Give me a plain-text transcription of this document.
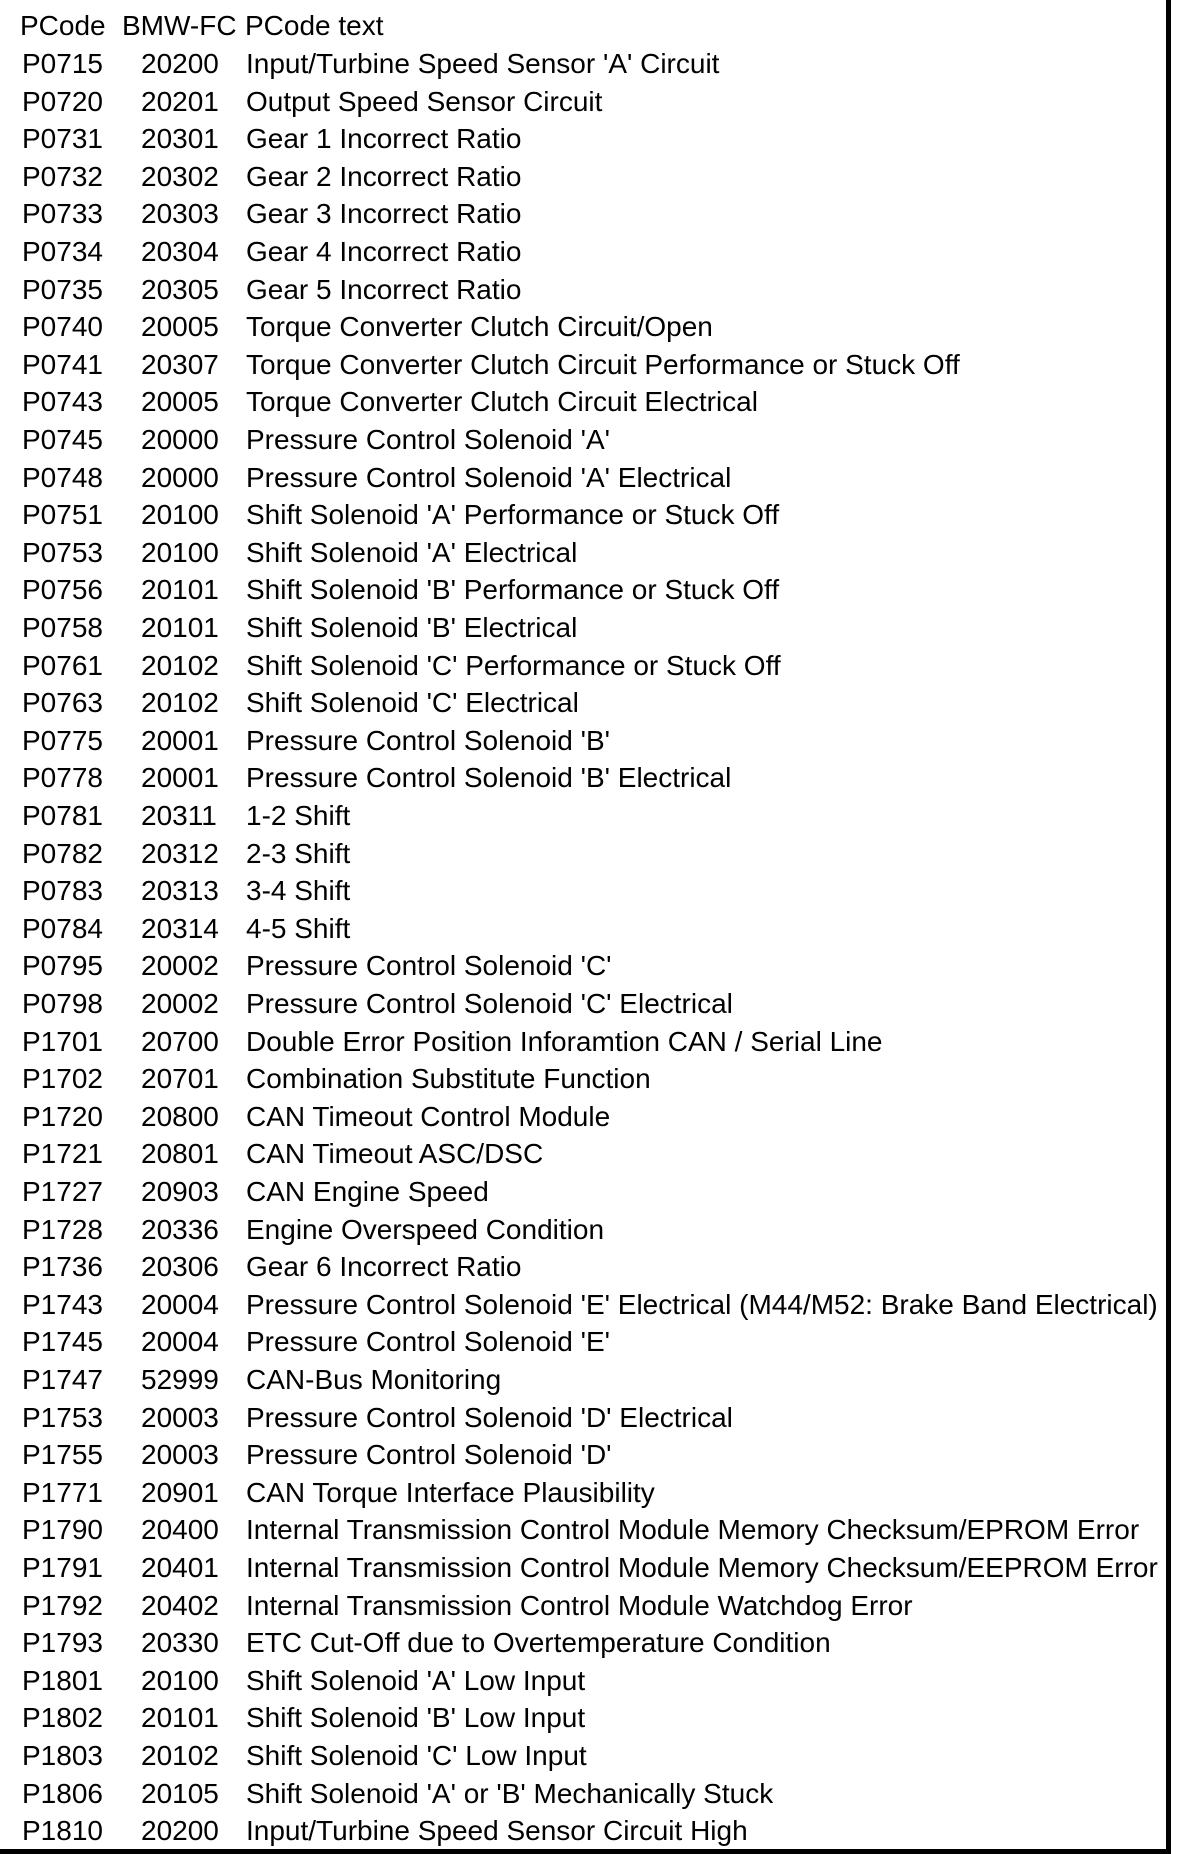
PCode BMW-FC PCode text
P0715 20200 Input/Turbine Speed Sensor 'A' Circuit
P0720 20201 Output Speed Sensor Circuit
P0731 20301 Gear 1 Incorrect Ratio
P0732 20302 Gear 2 Incorrect Ratio
P0733 20303 Gear 3 Incorrect Ratio
P0734 20304 Gear 4 Incorrect Ratio
P0735 20305 Gear 5 Incorrect Ratio
P0740 20005 Torque Converter Clutch Circuit/Open
P0741 20307 Torque Converter Clutch Circuit Performance or Stuck Off
P0743 20005 Torque Converter Clutch Circuit Electrical
P0745 20000 Pressure Control Solenoid 'A'
P0748 20000 Pressure Control Solenoid 'A' Electrical
P0751 20100 Shift Solenoid 'A' Performance or Stuck Off
P0753 20100 Shift Solenoid 'A' Electrical
P0756 20101 Shift Solenoid 'B' Performance or Stuck Off
P0758 20101 Shift Solenoid 'B' Electrical
P0761 20102 Shift Solenoid 'C' Performance or Stuck Off
P0763 20102 Shift Solenoid 'C' Electrical
P0775 20001 Pressure Control Solenoid 'B'
P0778 20001 Pressure Control Solenoid 'B' Electrical
P0781 20311 1-2 Shift
P0782 20312 2-3 Shift
P0783 20313 3-4 Shift
P0784 20314 4-5 Shift
P0795 20002 Pressure Control Solenoid 'C'
P0798 20002 Pressure Control Solenoid 'C' Electrical
P1701 20700 Double Error Position Inforamtion CAN / Serial Line
P1702 20701 Combination Substitute Function
P1720 20800 CAN Timeout Control Module
P1721 20801 CAN Timeout ASC/DSC
P1727 20903 CAN Engine Speed
P1728 20336 Engine Overspeed Condition
P1736 20306 Gear 6 Incorrect Ratio
P1743 20004 Pressure Control Solenoid 'E' Electrical (M44/M52: Brake Band Electrical)
P1745 20004 Pressure Control Solenoid 'E'
P1747 52999 CAN-Bus Monitoring
P1753 20003 Pressure Control Solenoid 'D' Electrical
P1755 20003 Pressure Control Solenoid 'D'
P1771 20901 CAN Torque Interface Plausibility
P1790 20400 Internal Transmission Control Module Memory Checksum/EPROM Error
P1791 20401 Internal Transmission Control Module Memory Checksum/EEPROM Error
P1792 20402 Internal Transmission Control Module Watchdog Error
P1793 20330 ETC Cut-Off due to Overtemperature Condition
P1801 20100 Shift Solenoid 'A' Low Input
P1802 20101 Shift Solenoid 'B' Low Input
P1803 20102 Shift Solenoid 'C' Low Input
P1806 20105 Shift Solenoid 'A' or 'B' Mechanically Stuck
P1810 20200 Input/Turbine Speed Sensor Circuit High
